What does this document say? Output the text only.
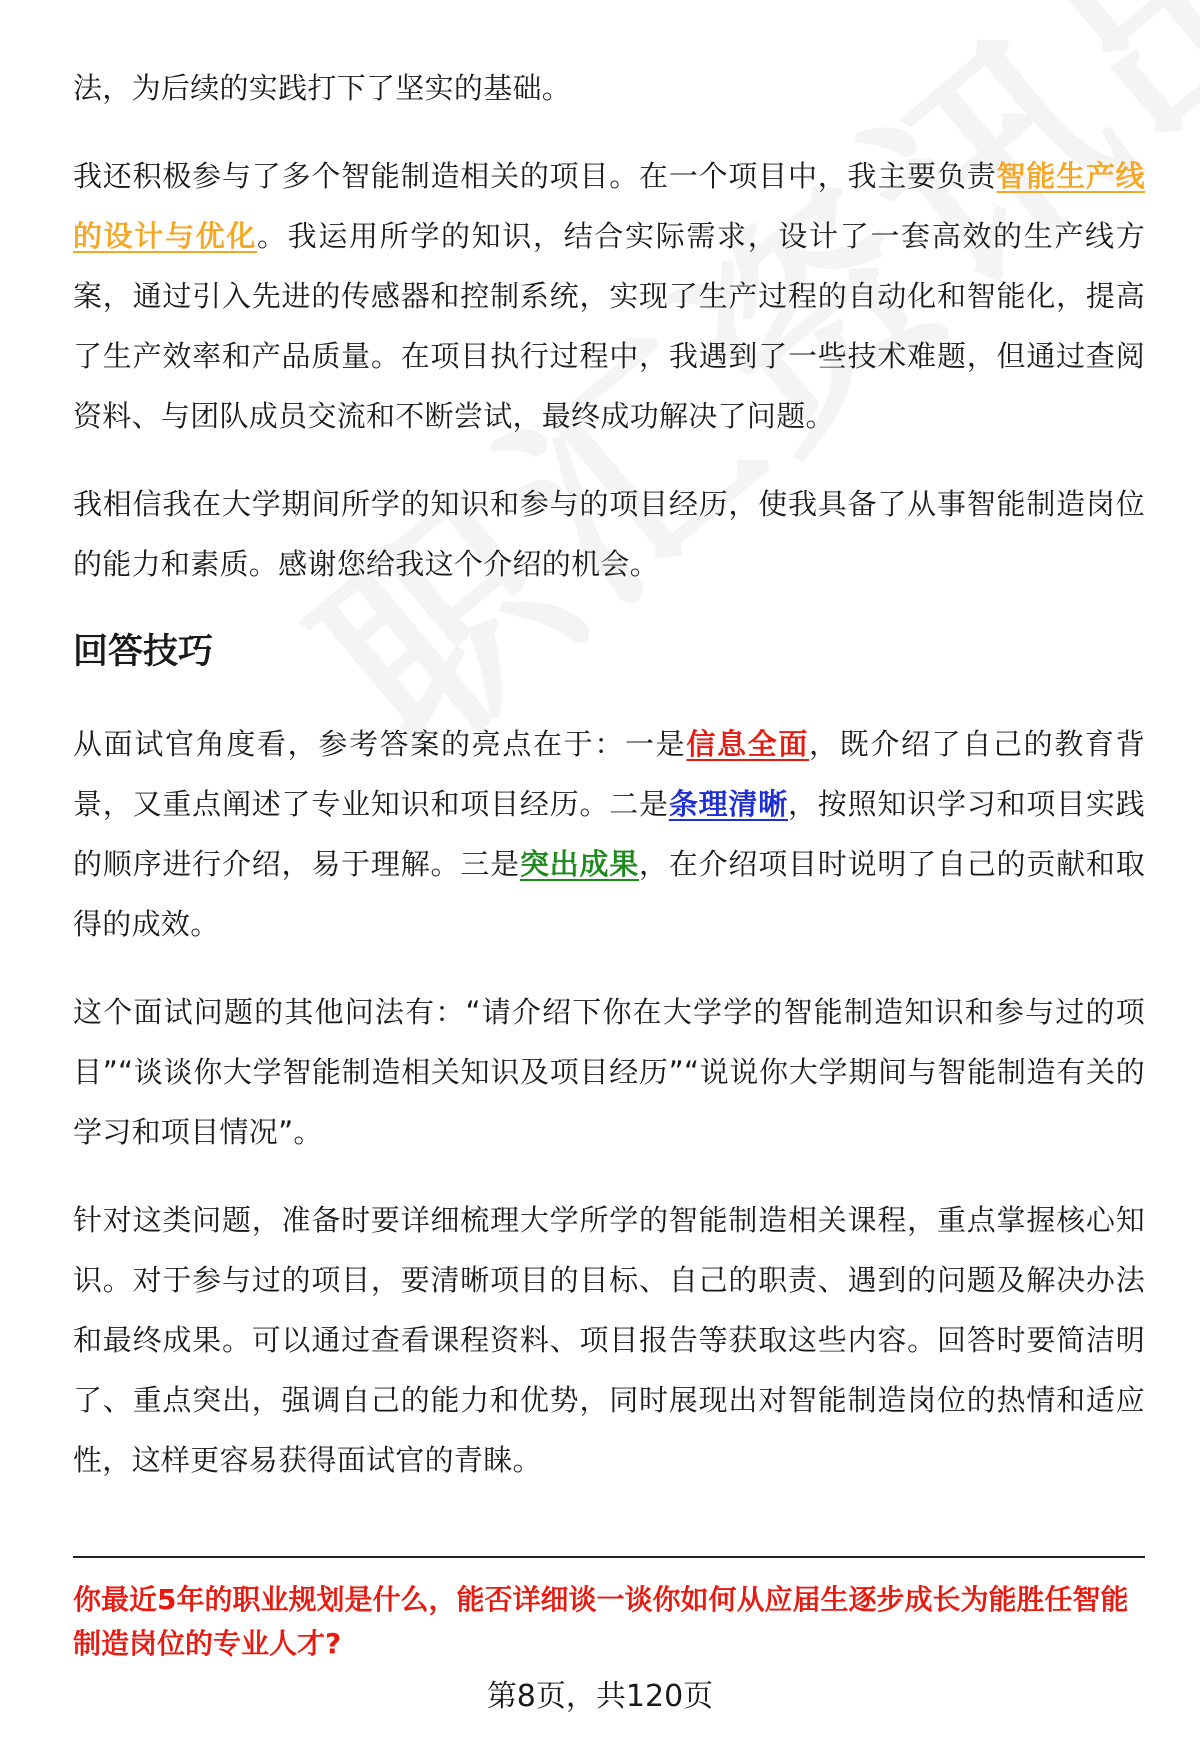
法，为后续的实践打下了坚实的基础。

我还积极参与了多个智能制造相关的项目。在一个项目中，我主要负责智能生产线的设计与优化。我运用所学的知识，结合实际需求，设计了一套高效的生产线方案，通过引入先进的传感器和控制系统，实现了生产过程的自动化和智能化，提高了生产效率和产品质量。在项目执行过程中，我遇到了一些技术难题，但通过查阅资料、与团队成员交流和不断尝试，最终成功解决了问题。

我相信我在大学期间所学的知识和参与的项目经历，使我具备了从事智能制造岗位的能力和素质。感谢您给我这个介绍的机会。

回答技巧

从面试官角度看，参考答案的亮点在于：一是信息全面，既介绍了自己的教育背景，又重点阐述了专业知识和项目经历。二是条理清晰，按照知识学习和项目实践的顺序进行介绍，易于理解。三是突出成果，在介绍项目时说明了自己的贡献和取得的成效。

这个面试问题的其他问法有：“请介绍下你在大学学的智能制造知识和参与过的项目”“谈谈你大学智能制造相关知识及项目经历”“说说你大学期间与智能制造有关的学习和项目情况”。

针对这类问题，准备时要详细梳理大学所学的智能制造相关课程，重点掌握核心知识。对于参与过的项目，要清晰项目的目标、自己的职责、遇到的问题及解决办法和最终成果。可以通过查看课程资料、项目报告等获取这些内容。回答时要简洁明了、重点突出，强调自己的能力和优势，同时展现出对智能制造岗位的热情和适应性，这样更容易获得面试官的青睐。

你最近5年的职业规划是什么，能否详细谈一谈你如何从应届生逐步成长为能胜任智能制造岗位的专业人才?

第8页，共120页
